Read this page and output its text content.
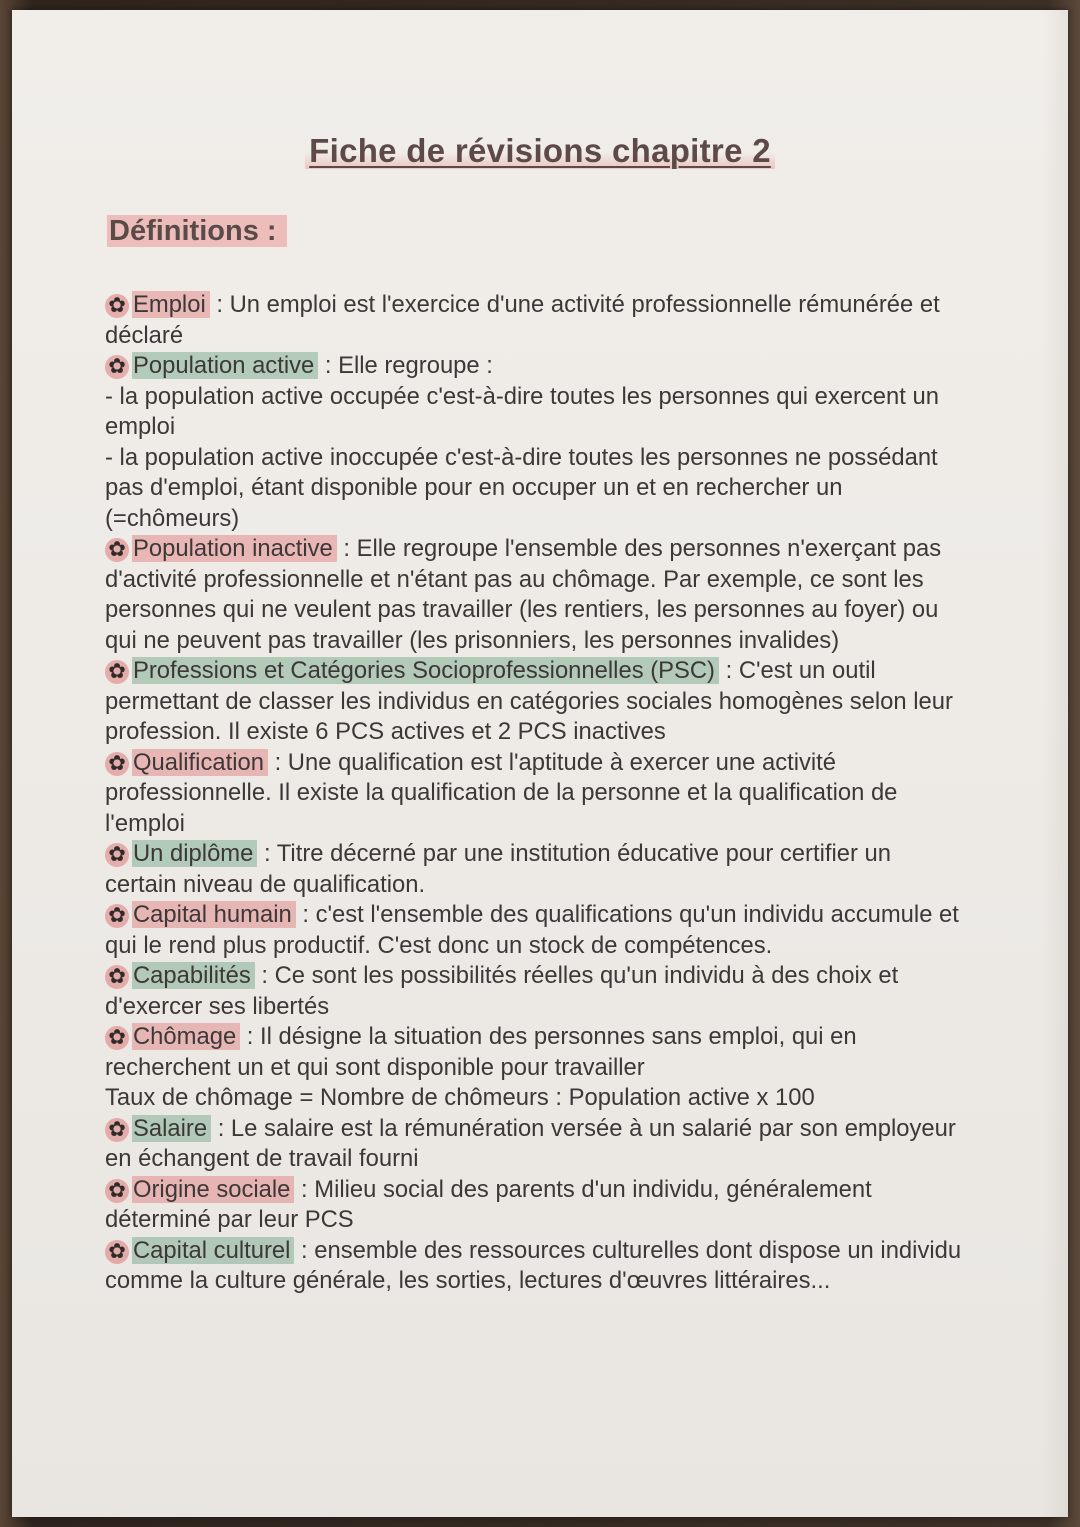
Fiche de révisions chapitre 2
Définitions :

✿ Emploi : Un emploi est l'exercice d'une activité professionnelle rémunérée et déclaré

✿ Population active : Elle regroupe :

- la population active occupée c'est-à-dire toutes les personnes qui exercent un emploi

- la population active inoccupée c'est-à-dire toutes les personnes ne possédant pas d'emploi, étant disponible pour en occuper un et en rechercher un (=chômeurs)

✿ Population inactive : Elle regroupe l'ensemble des personnes n'exerçant pas d'activité professionnelle et n'étant pas au chômage. Par exemple, ce sont les personnes qui ne veulent pas travailler (les rentiers, les personnes au foyer) ou qui ne peuvent pas travailler (les prisonniers, les personnes invalides)

✿ Professions et Catégories Socioprofessionnelles (PSC) : C'est un outil permettant de classer les individus en catégories sociales homogènes selon leur profession. Il existe 6 PCS actives et 2 PCS inactives

✿ Qualification : Une qualification est l'aptitude à exercer une activité professionnelle. Il existe la qualification de la personne et la qualification de l'emploi

✿ Un diplôme : Titre décerné par une institution éducative pour certifier un certain niveau de qualification.

✿ Capital humain : c'est l'ensemble des qualifications qu'un individu accumule et qui le rend plus productif. C'est donc un stock de compétences.

✿ Capabilités : Ce sont les possibilités réelles qu'un individu à des choix et d'exercer ses libertés

✿ Chômage : Il désigne la situation des personnes sans emploi, qui en recherchent un et qui sont disponible pour travailler

Taux de chômage = Nombre de chômeurs : Population active x 100

✿ Salaire : Le salaire est la rémunération versée à un salarié par son employeur en échangent de travail fourni

✿ Origine sociale : Milieu social des parents d'un individu, généralement déterminé par leur PCS

✿ Capital culturel : ensemble des ressources culturelles dont dispose un individu comme la culture générale, les sorties, lectures d'œuvres littéraires...
